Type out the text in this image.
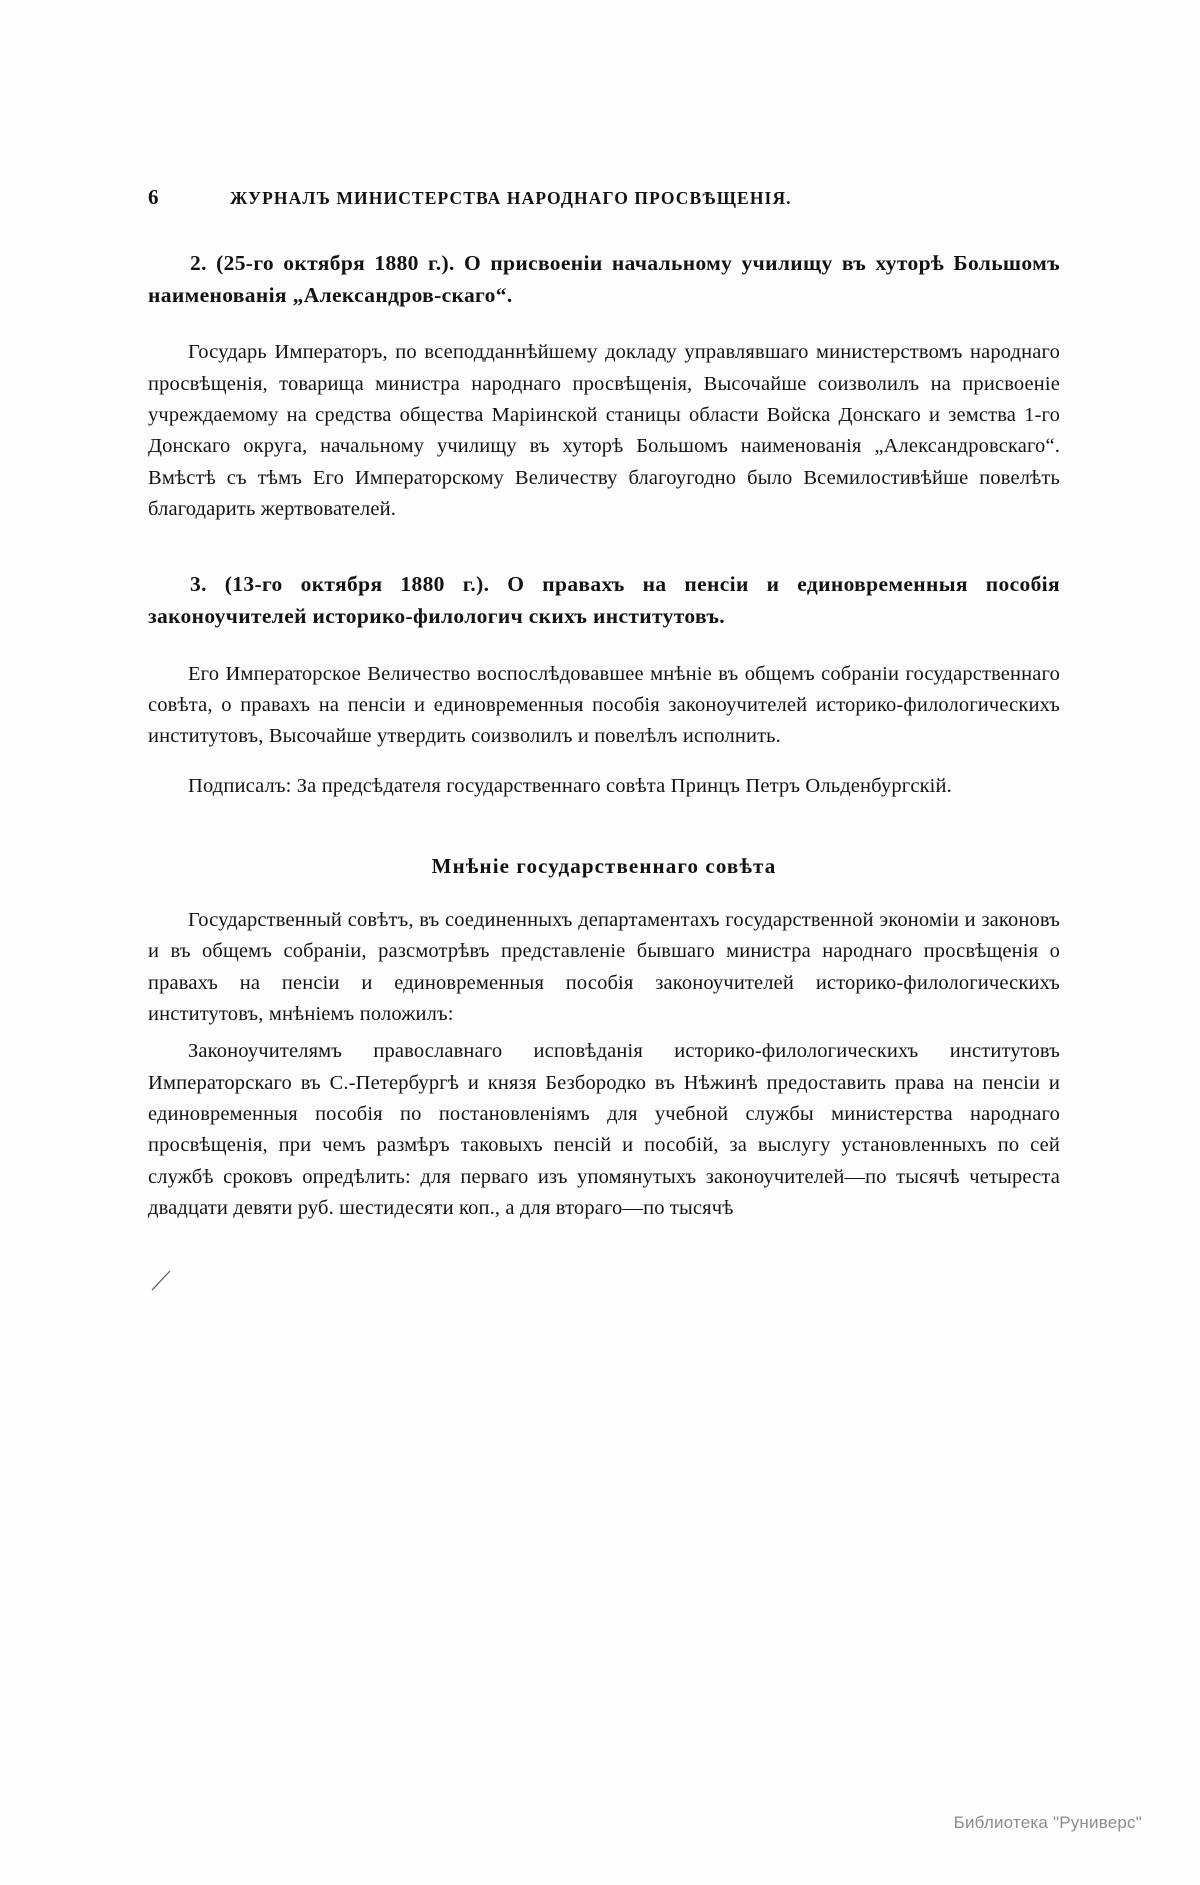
6	ЖУРНАЛЪ МИНИСТЕРСТВА НАРОДНАГО ПРОСВѢЩЕНІЯ.
2. (25-го октября 1880 г.). О присвоеніи начальному училищу въ хуторѣ Большомъ наименованія „Александров-скаго“.

Государь Императоръ, по всеподданнѣйшему докладу управлявшаго министерствомъ народнаго просвѣщенія, товарища министра народнаго просвѣщенія, Высочайше соизволилъ на присвоеніе учреждаемому на средства общества Маріинской станицы области Войска Донскаго и земства 1-го Донскаго округа, начальному училищу въ хуторѣ Большомъ наименованія „Александровскаго“. Вмѣстѣ съ тѣмъ Его Императорскому Величеству благоугодно было Всемилостивѣйше повелѣть благодарить жертвователей.

3. (13-го октября 1880 г.). О правахъ на пенсіи и единовременныя пособія законоучителей историко-филологич скихъ институтовъ.

Его Императорское Величество воспослѣдовавшее мнѣніе въ общемъ собраніи государственнаго совѣта, о правахъ на пенсіи и единовременныя пособія законоучителей историко-филологическихъ институтовъ, Высочайше утвердить соизволилъ и повелѣлъ исполнить.

Подписалъ: За предсѣдателя государственнаго совѣта Принцъ Петръ Ольденбургскій.

Мнѣніе государственнаго совѣта

Государственный совѣтъ, въ соединенныхъ департаментахъ государственной экономіи и законовъ и въ общемъ собраніи, разсмотрѣвъ представленіе бывшаго министра народнаго просвѣщенія о правахъ на пенсіи и единовременныя пособія законоучителей историко-филологическихъ институтовъ, мнѣніемъ положилъ:

Законоучителямъ православнаго исповѣданія историко-филологическихъ институтовъ Императорскаго въ С.-Петербургѣ и князя Безбородко въ Нѣжинѣ предоставить права на пенсіи и единовременныя пособія по постановленіямъ для учебной службы министерства народнаго просвѣщенія, при чемъ размѣръ таковыхъ пенсій и пособій, за выслугу установленныхъ по сей службѣ сроковъ опредѣлить: для перваго изъ упомянутыхъ законоучителей—по тысячѣ четыреста двадцати девяти руб. шестидесяти коп., а для втораго—по тысячѣ

Библиотека "Руниверс"
